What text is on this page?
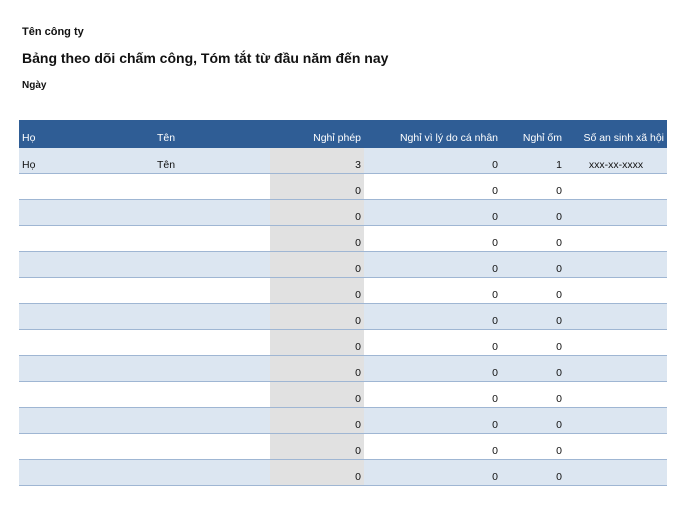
Tên công ty
Bảng theo dõi chấm công, Tóm tắt từ đầu năm đến nay
Ngày
Họ	Tên	Nghỉ phép	Nghỉ vì lý do cá nhân	Nghỉ ốm	Số an sinh xã hội
Họ	Tên	3	0	1	xxx-xx-xxxx
		0	0	0	
		0	0	0	
		0	0	0	
		0	0	0	
		0	0	0	
		0	0	0	
		0	0	0	
		0	0	0	
		0	0	0	
		0	0	0	
		0	0	0	
		0	0	0	
